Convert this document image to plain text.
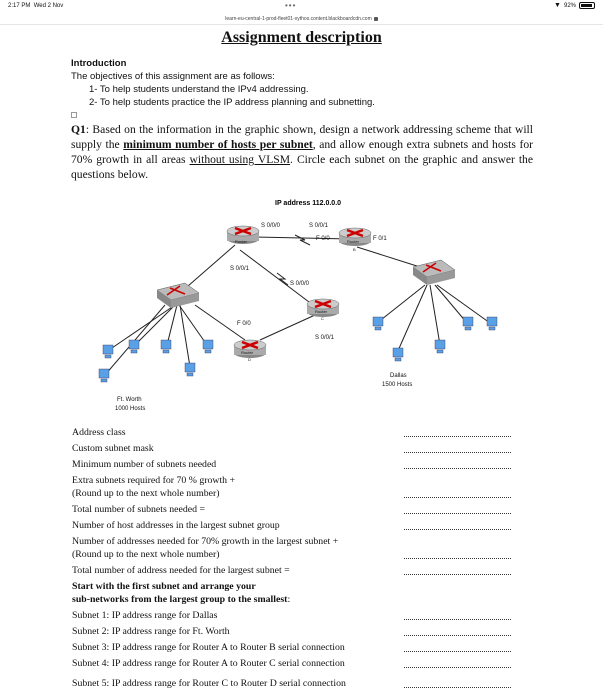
2:17 PM Wed 2 Nov	•••	▼ 92%
learn-eu-central-1-prod-fleet01-xythos.content.blackboardcdn.com
Assignment description
Introduction
The objectives of this assignment are as follows:
1- To help students understand the IPv4 addressing.
2- To help students practice the IP address planning and subnetting.
Q1: Based on the information in the graphic shown, design a network addressing scheme that will supply the minimum number of hosts per subnet, and allow enough extra subnets and hosts for 70% growth in all areas without using VLSM. Circle each subnet on the graphic and answer the questions below.
IP address 112.0.0.0
Router	Router
B
Router
C
Router
D
S 0/0/0	S 0/0/1
F 0/0	F 0/1
S 0/0/1
S 0/0/0
F 0/0
S 0/0/1
Ft. Worth
1000 Hosts
Dallas
1500 Hosts
Address class
Custom subnet mask
Minimum number of subnets needed
Extra subnets required for 70 % growth +
(Round up to the next whole number)
Total number of subnets needed =
Number of host addresses in the largest subnet group
Number of addresses needed for 70% growth in the largest subnet +
(Round up to the next whole number)
Total number of address needed for the largest subnet =
Start with the first subnet and arrange your
sub-networks from the largest group to the smallest:
Subnet 1: IP address range for Dallas
Subnet 2: IP address range for Ft. Worth
Subnet 3: IP address range for Router A to Router B serial connection
Subnet 4: IP address range for Router A to Router C serial connection
Subnet 5: IP address range for Router C to Router D serial connection
